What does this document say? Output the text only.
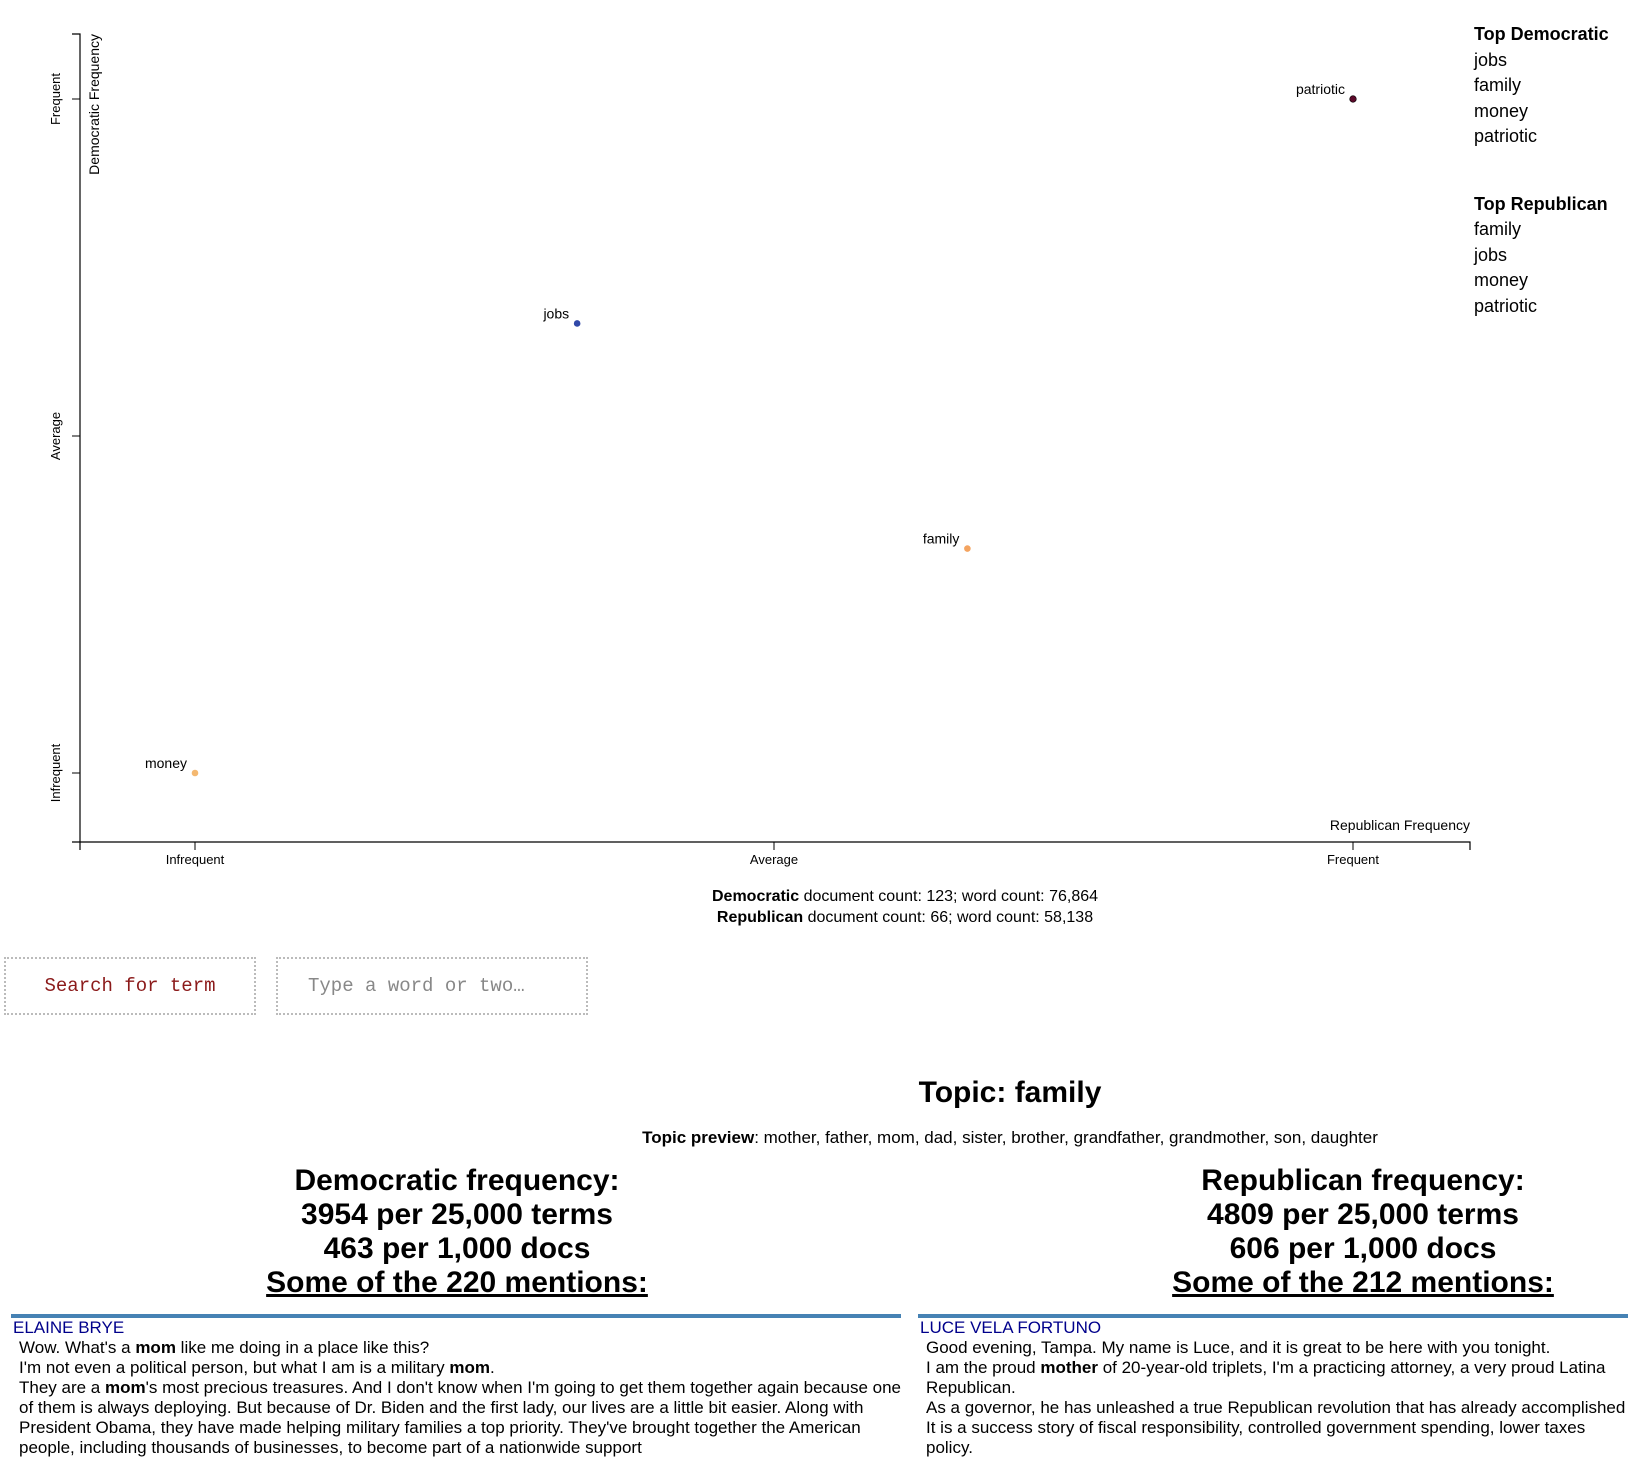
Infrequent	Average	Frequent
Infrequent
Average
Frequent
Republican Frequency
Democratic Frequency	patriotic
jobs
family
money
Top Democratic
jobs
family
money
patriotic
Top Republican
family
jobs
money
patriotic
Democratic document count: 123; word count: 76,864
Republican document count: 66; word count: 58,138
Search for term	Type a word or two…
Topic: family
Topic preview: mother, father, mom, dad, sister, brother, grandfather, grandmother, son, daughter
Democratic frequency:
3954 per 25,000 terms
463 per 1,000 docs
Some of the 220 mentions:
Republican frequency:
4809 per 25,000 terms
606 per 1,000 docs
Some of the 212 mentions:
ELAINE BRYE
Wow. What's a mom like me doing in a place like this?
I'm not even a political person, but what I am is a military mom.
They are a mom's most precious treasures. And I don't know when I'm going to get them together again because one of them is always deploying. But because of Dr. Biden and the first lady, our lives are a little bit easier. Along with President Obama, they have made helping military families a top priority. They've brought together the American people, including thousands of businesses, to become part of a nationwide support
LUCE VELA FORTUNO
Good evening, Tampa. My name is Luce, and it is great to be here with you tonight.
I am the proud mother of 20-year-old triplets, I'm a practicing attorney, a very proud Latina Republican.
As a governor, he has unleashed a true Republican revolution that has already accomplished
It is a success story of fiscal responsibility, controlled government spending, lower taxes policy.
